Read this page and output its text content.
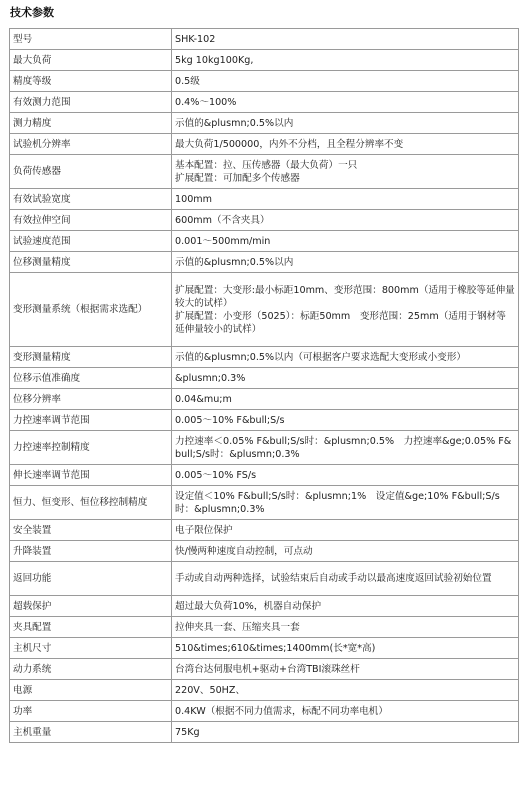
技术参数
型号	SHK-102

最大负荷	5kg 10kg100Kg,

精度等级	0.5级

有效测力范围	0.4%～100%

测力精度	示值的&plusmn;0.5%以内

试验机分辨率	最大负荷1/500000，内外不分档，且全程分辨率不变

负荷传感器	基本配置：拉、压传感器（最大负荷）一只
扩展配置：可加配多个传感器

有效试验宽度	100mm

有效拉伸空间	600mm（不含夹具）

试验速度范围	0.001～500mm/min

位移测量精度	示值的&plusmn;0.5%以内

变形测量系统（根据需求选配）	扩展配置：大变形:最小标距10mm、变形范围：800mm（适用于橡胶等延伸量较大的试样）
扩展配置：小变形（5025）：标距50mm　变形范围：25mm（适用于钢材等延伸量较小的试样）

变形测量精度	示值的&plusmn;0.5%以内（可根据客户要求选配大变形或小变形）

位移示值准确度	&plusmn;0.3%

位移分辨率	0.04&mu;m

力控速率调节范围	0.005～10% F&bull;S/s

力控速率控制精度	力控速率＜0.05% F&bull;S/s时：&plusmn;0.5%　力控速率&ge;0.05% F&bull;S/s时：&plusmn;0.3%

伸长速率调节范围	0.005～10% FS/s

恒力、恒变形、恒位移控制精度	设定值＜10% F&bull;S/s时：&plusmn;1%　设定值&ge;10% F&bull;S/s时：&plusmn;0.3%

安全装置	电子限位保护

升降装置	快/慢两种速度自动控制，可点动

返回功能	手动或自动两种选择，试验结束后自动或手动以最高速度返回试验初始位置

超载保护	超过最大负荷10%，机器自动保护

夹具配置	拉伸夹具一套、压缩夹具一套

主机尺寸	510&times;610&times;1400mm(长*宽*高)

动力系统	台湾台达伺服电机+驱动+台湾TBI滚珠丝杆

电源	220V、50HZ、

功率	0.4KW（根据不同力值需求，标配不同功率电机）

主机重量	75Kg
